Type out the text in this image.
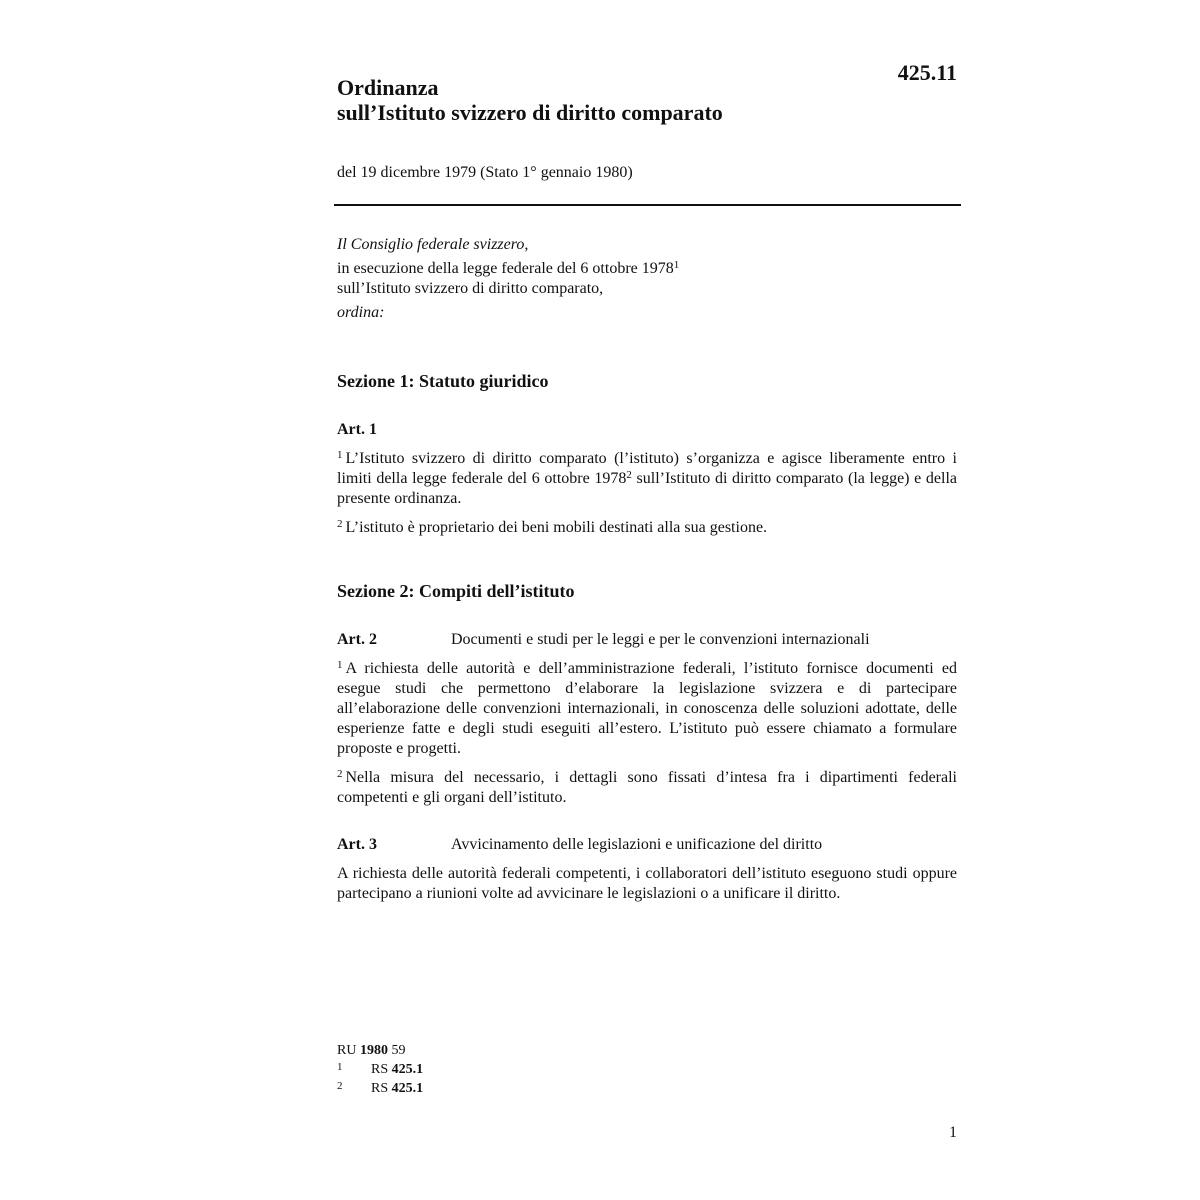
425.11
Ordinanza
sull’Istituto svizzero di diritto comparato
del 19 dicembre 1979 (Stato 1° gennaio 1980)
Il Consiglio federale svizzero,
in esecuzione della legge federale del 6 ottobre 1978$^1$
sull’Istituto svizzero di diritto comparato,
ordina:
Sezione 1: Statuto giuridico
Art. 1
$^1$ L’Istituto svizzero di diritto comparato (l’istituto) s’organizza e agisce liberamente entro i limiti della legge federale del 6 ottobre 1978$^2$ sull’Istituto di diritto comparato (la legge) e della presente ordinanza.
$^2$ L’istituto è proprietario dei beni mobili destinati alla sua gestione.
Sezione 2: Compiti dell’istituto
Art. 2	Documenti e studi per le leggi e per le convenzioni internazionali
$^1$ A richiesta delle autorità e dell’amministrazione federali, l’istituto fornisce documenti ed esegue studi che permettono d’elaborare la legislazione svizzera e di partecipare all’elaborazione delle convenzioni internazionali, in conoscenza delle soluzioni adottate, delle esperienze fatte e degli studi eseguiti all’estero. L’istituto può essere chiamato a formulare proposte e progetti.
$^2$ Nella misura del necessario, i dettagli sono fissati d’intesa fra i dipartimenti federali competenti e gli organi dell’istituto.
Art. 3	Avvicinamento delle legislazioni e unificazione del diritto
A richiesta delle autorità federali competenti, i collaboratori dell’istituto eseguono studi oppure partecipano a riunioni volte ad avvicinare le legislazioni o a unificare il diritto.
RU 1980 59
1 RS 425.1
2 RS 425.1
1
